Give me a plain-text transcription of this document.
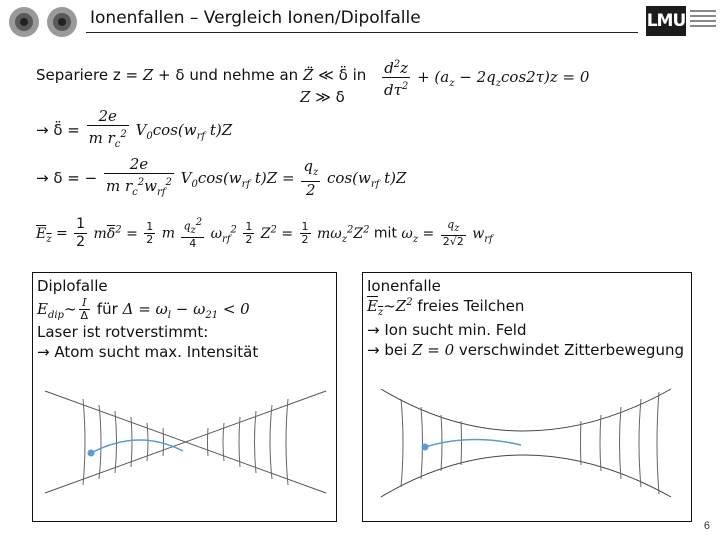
Ionenfallen – Vergleich Ionen/Dipolfalle	LMU
Separiere z = Z + δ und nehme an Z̈ ≪ δ̈ in
Z ≫ δ $\frac{d^2z}{d\tau^2} + (a_z - 2q_z\cos 2\tau)z = 0$
→ δ̈ = $\frac{2e}{m r_c^2} V_0\cos(w_{rf}$ t)Z
→ δ = − $\frac{2e}{m r_c^2w_{rf}^2} V_0\cos(w_{rf}$ $t)Z = \frac{q_z}{2} \cos(w_{rf}$ t)Z
$E_z = \frac{1}{2}$ mδ̇$^2$ = $\frac{1}{2}$ m $\frac{q_z^2}{4} \omega_{rf}^2 \frac{1}{2} Z^2 = \frac{1}{2} m\omega_z^2Z^2$ mit $\omega_z = \frac{q_z}{2√2} w_{rf}$
Diplofalle
$E_{dip}\sim \frac{I}{\Delta}$ für $\Delta = \omega_l - \omega_{21} < 0$
Laser ist rotverstimmt:
→ Atom sucht max. Intensität
Ionenfalle
$E_z\sim Z^2$ freies Teilchen
→ Ion sucht min. Feld
→ bei Z = 0 verschwindet Zitterbewegung
6
